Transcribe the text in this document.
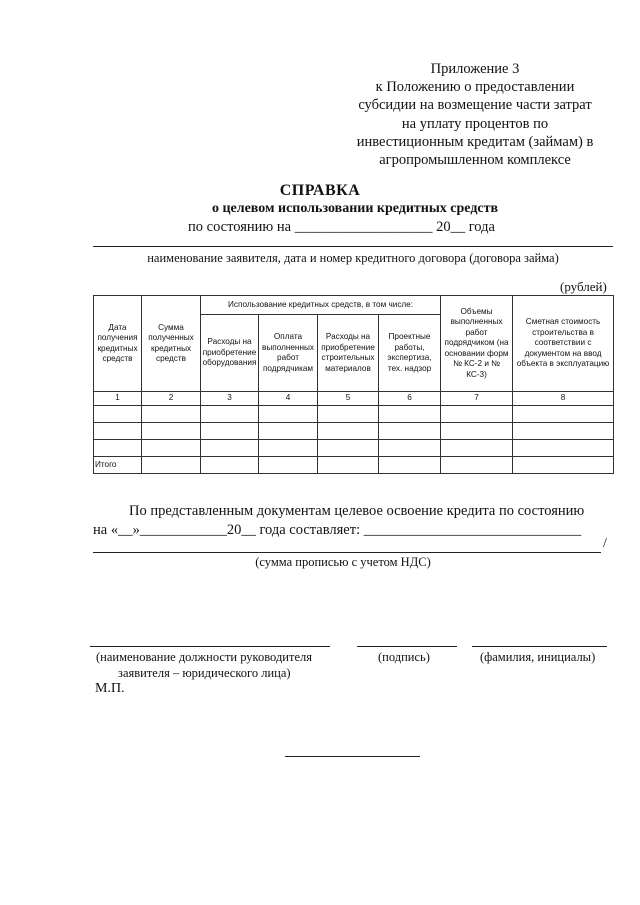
Приложение 3
к Положению о предоставлении
субсидии на возмещение части затрат
на уплату процентов по
инвестиционным кредитам (займам) в
агропромышленном комплексе
СПРАВКА
о целевом использовании кредитных средств
по состоянию на ___________________ 20__ года
наименование заявителя, дата и номер кредитного договора (договора займа)
(рублей)
Дата получения кредитных средств	Сумма полученных кредитных средств	Использование кредитных средств, в том числе:				Объемы выполненных работ подрядчиком (на основании форм № КС-2 и № КС-3)	Сметная стоимость строительства в соответствии с документом на ввод объекта в эксплуатацию
		Расходы на приобретение оборудования	Оплата выполненных работ подрядчикам	Расходы на приобретение строительных материалов	Проектные работы, экспертиза, тех. надзор		
1	2	3	4	5	6	7	8

Итого							
По представленным документам целевое освоение кредита по состоянию
на «__»____________20__ года составляет: ______________________________
/
(сумма прописью с учетом НДС)
(наименование должности руководителя
заявителя – юридического лица)
(подпись)	(фамилия, инициалы)
М.П.
